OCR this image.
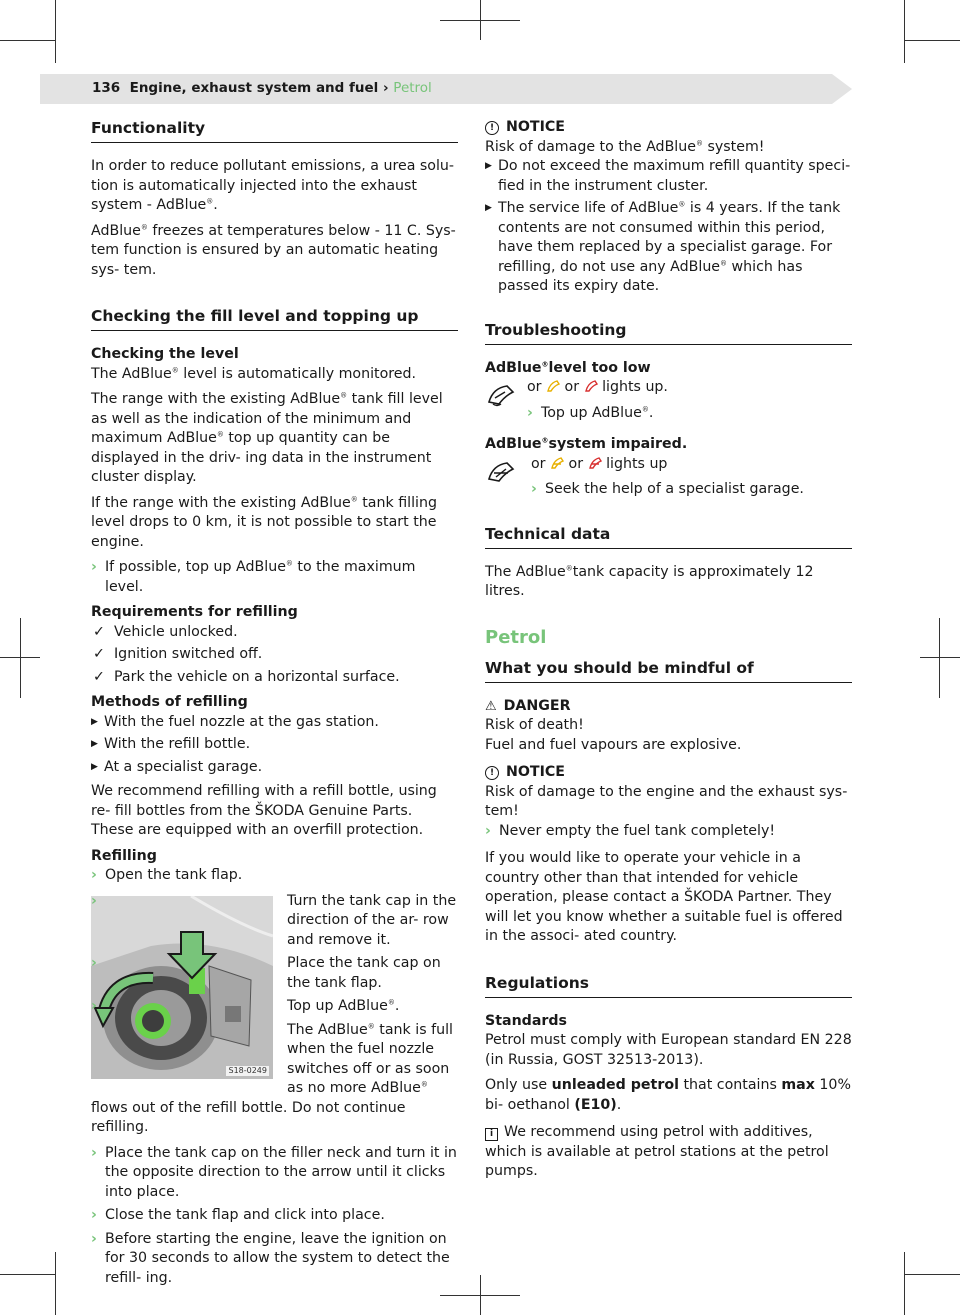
136 Engine, exhaust system and fuel › Petrol
Functionality

In order to reduce pollutant emissions, a urea solu- tion is automatically injected into the exhaust system - AdBlue®.

AdBlue® freezes at temperatures below - 11 C. Sys- tem function is ensured by an automatic heating sys- tem.

Checking the fill level and topping up

Checking the level

The AdBlue® level is automatically monitored.

The range with the existing AdBlue® tank fill level as well as the indication of the minimum and maximum AdBlue® top up quantity can be displayed in the driv- ing data in the instrument cluster display.

If the range with the existing AdBlue® tank filling level drops to 0 km, it is not possible to start the engine.

› If possible, top up AdBlue® to the maximum level.

Requirements for refilling

✓ Vehicle unlocked.
✓ Ignition switched off.
✓ Park the vehicle on a horizontal surface.

Methods of refilling

▶ With the fuel nozzle at the gas station.
▶ With the refill bottle.
▶ At a specialist garage.

We recommend refilling with a refill bottle, using re- fill bottles from the ŠKODA Genuine Parts. These are equipped with an overfill protection.

Refilling

› Open the tank flap.
S18-0249
›	Turn the tank cap in the direction of the ar- row and remove it.
›	Place the tank cap on the tank flap.
›	Top up AdBlue®.

The AdBlue® tank is full when the fuel nozzle switches off or as soon as no more AdBlue® flows out of the refill bottle. Do not continue refilling.

› Place the tank cap on the filler neck and turn it in the opposite direction to the arrow until it clicks into place.
› Close the tank flap and click into place.
› Before starting the engine, leave the ignition on for 30 seconds to allow the system to detect the refill- ing.

! NOTICE

Risk of damage to the AdBlue® system!

▶ Do not exceed the maximum refill quantity speci- fied in the instrument cluster.
▶ The service life of AdBlue® is 4 years. If the tank contents are not consumed within this period, have them replaced by a specialist garage. For refilling, do not use any AdBlue® which has passed its expiry date.
Troubleshooting

AdBlue®level too low

or or lights up.
› Top up AdBlue®.

AdBlue®system impaired.

or or lights up
› Seek the help of a specialist garage.
Technical data

The AdBlue®tank capacity is approximately 12 litres.

Petrol
What you should be mindful of

⚠ DANGER

Risk of death!

Fuel and fuel vapours are explosive.

! NOTICE

Risk of damage to the engine and the exhaust sys- tem!

› Never empty the fuel tank completely!

If you would like to operate your vehicle in a country other than that intended for vehicle operation, please contact a ŠKODA Partner. They will let you know whether a suitable fuel is offered in the associ- ated country.

Regulations

Standards

Petrol must comply with European standard EN 228 (in Russia, GOST 32513-2013).

Only use unleaded petrol that contains max 10% bi- oethanol (E10).

i We recommend using petrol with additives, which is available at petrol stations at the petrol pumps.
